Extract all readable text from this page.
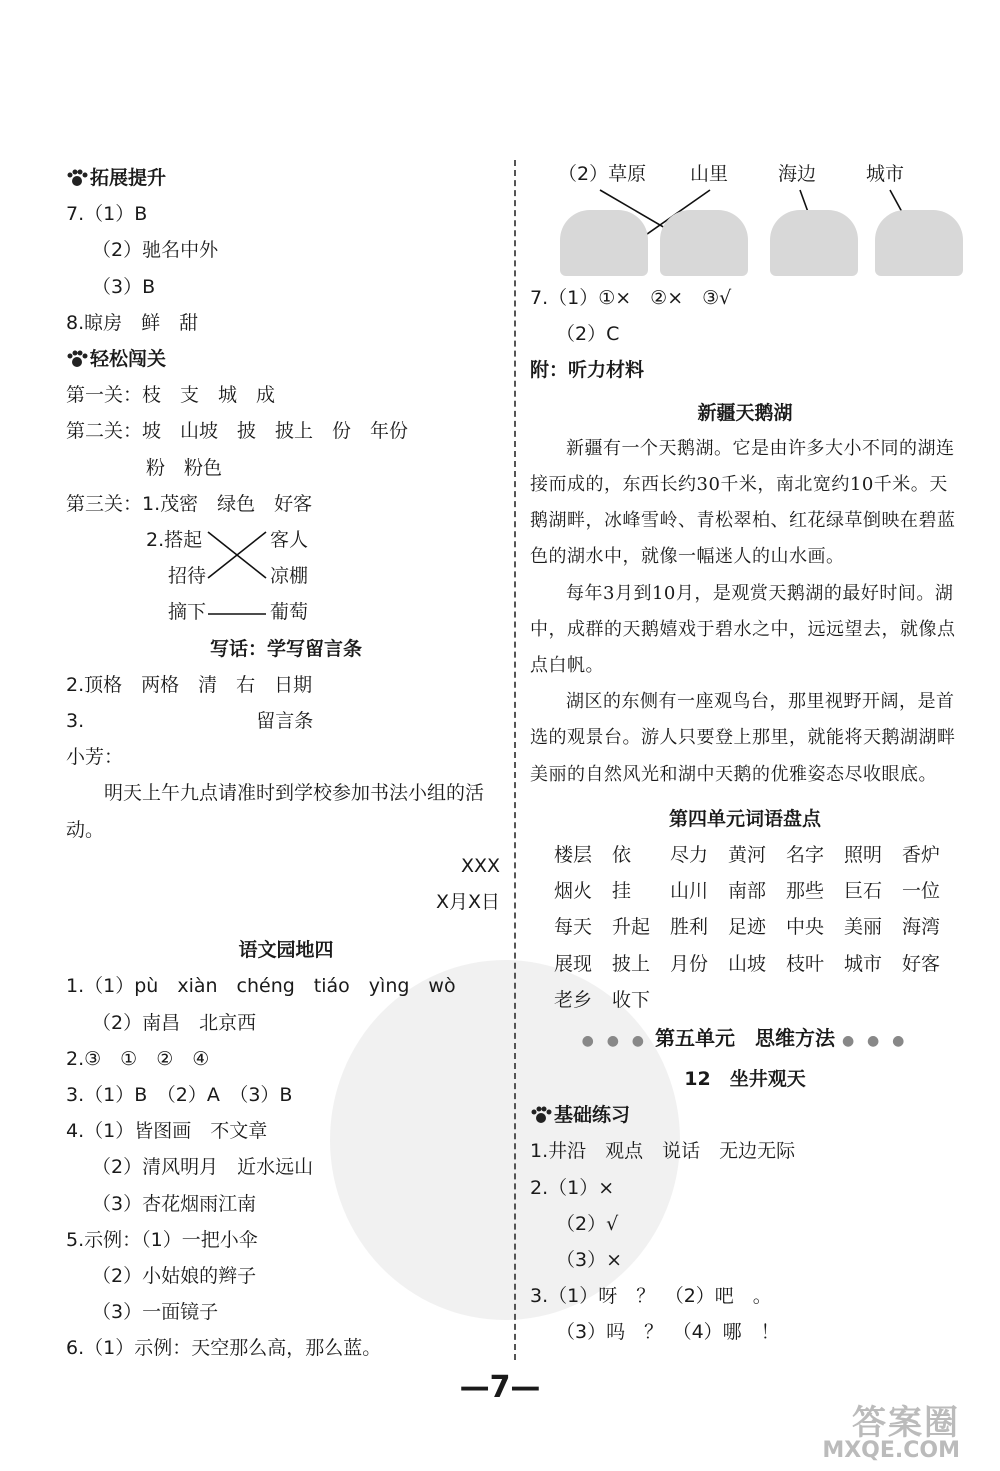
拓展提升
7.（1）B
（2）驰名中外
（3）B
8.晾房　鲜　甜
轻松闯关
第一关：枝　支　城　成
第二关：坡　山坡　披　披上　份　年份
粉　粉色
第三关：1.茂密　绿色　好客
2.搭起	客人
招待	凉棚
摘下	葡萄
写话：学写留言条
2.顶格　两格　清　右　日期
3.	留言条
小芳：
明天上午九点请准时到学校参加书法小组的活动。
XXX
X月X日
语文园地四
1.（1）pù　xiàn　chéng　tiáo　yìng　wò
（2）南昌　北京西
2.③　①　②　④
3.（1）B　（2）A　（3）B
4.（1）皆图画　不文章
（2）清风明月　近水远山
（3）杏花烟雨江南
5.示例：（1）一把小伞
（2）小姑娘的辫子
（3）一面镜子
6.（1）示例：天空那么高，那么蓝。
（2）草原 山里	海边	城市
7.（1）①×　②×　③√
（2）C
附：听力材料
新疆天鹅湖
新疆有一个天鹅湖。它是由许多大小不同的湖连接而成的，东西长约30千米，南北宽约10千米。天鹅湖畔，冰峰雪岭、青松翠柏、红花绿草倒映在碧蓝色的湖水中，就像一幅迷人的山水画。
每年3月到10月，是观赏天鹅湖的最好时间。湖中，成群的天鹅嬉戏于碧水之中，远远望去，就像点点白帆。
湖区的东侧有一座观鸟台，那里视野开阔，是首选的观景台。游人只要登上那里，就能将天鹅湖湖畔美丽的自然风光和湖中天鹅的优雅姿态尽收眼底。
第四单元词语盘点
楼层	依	尽力	黄河	名字	照明	香炉
烟火	挂	山川	南部	那些	巨石	一位
每天	升起	胜利	足迹	中央	美丽	海湾
展现	披上	月份	山坡	枝叶	城市	好客
老乡	收下
● ● ● 第五单元　思维方法 ● ● ●
12　坐井观天
基础练习
1.井沿　观点　说话　无边无际
2.（1）×
（2）√
（3）×
3.（1）呀　？　（2）吧　。
（3）吗　？　（4）哪　！
—7—
答案圈
MXQE.COM
